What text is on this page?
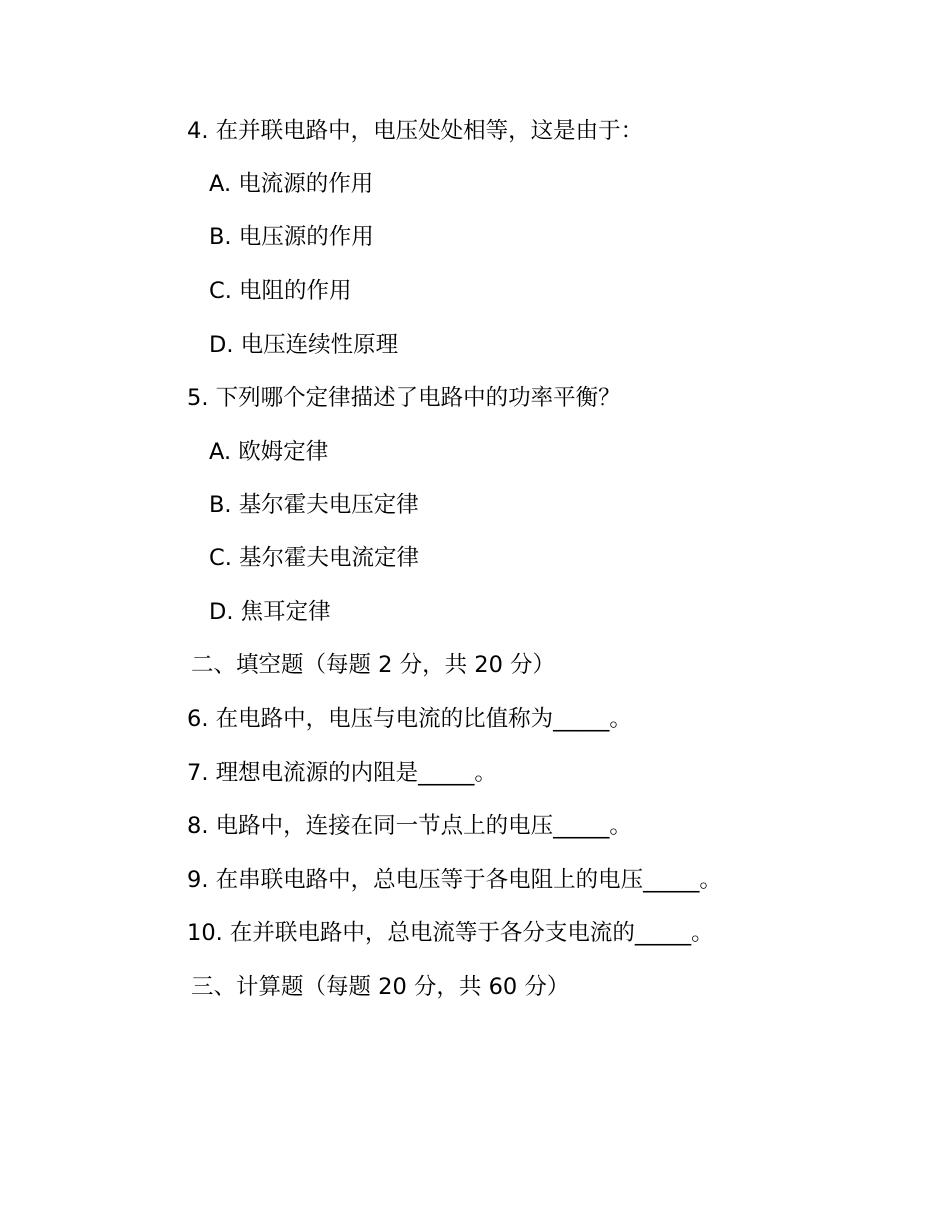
4. 在并联电路中，电压处处相等，这是由于：
A. 电流源的作用
B. 电压源的作用
C. 电阻的作用
D. 电压连续性原理
5. 下列哪个定律描述了电路中的功率平衡？
A. 欧姆定律
B. 基尔霍夫电压定律
C. 基尔霍夫电流定律
D. 焦耳定律
二、填空题（每题 2 分，共 20 分）
6. 在电路中，电压与电流的比值称为_____。
7. 理想电流源的内阻是_____。
8. 电路中，连接在同一节点上的电压_____。
9. 在串联电路中，总电压等于各电阻上的电压_____。
10. 在并联电路中，总电流等于各分支电流的_____。
三、计算题（每题 20 分，共 60 分）
